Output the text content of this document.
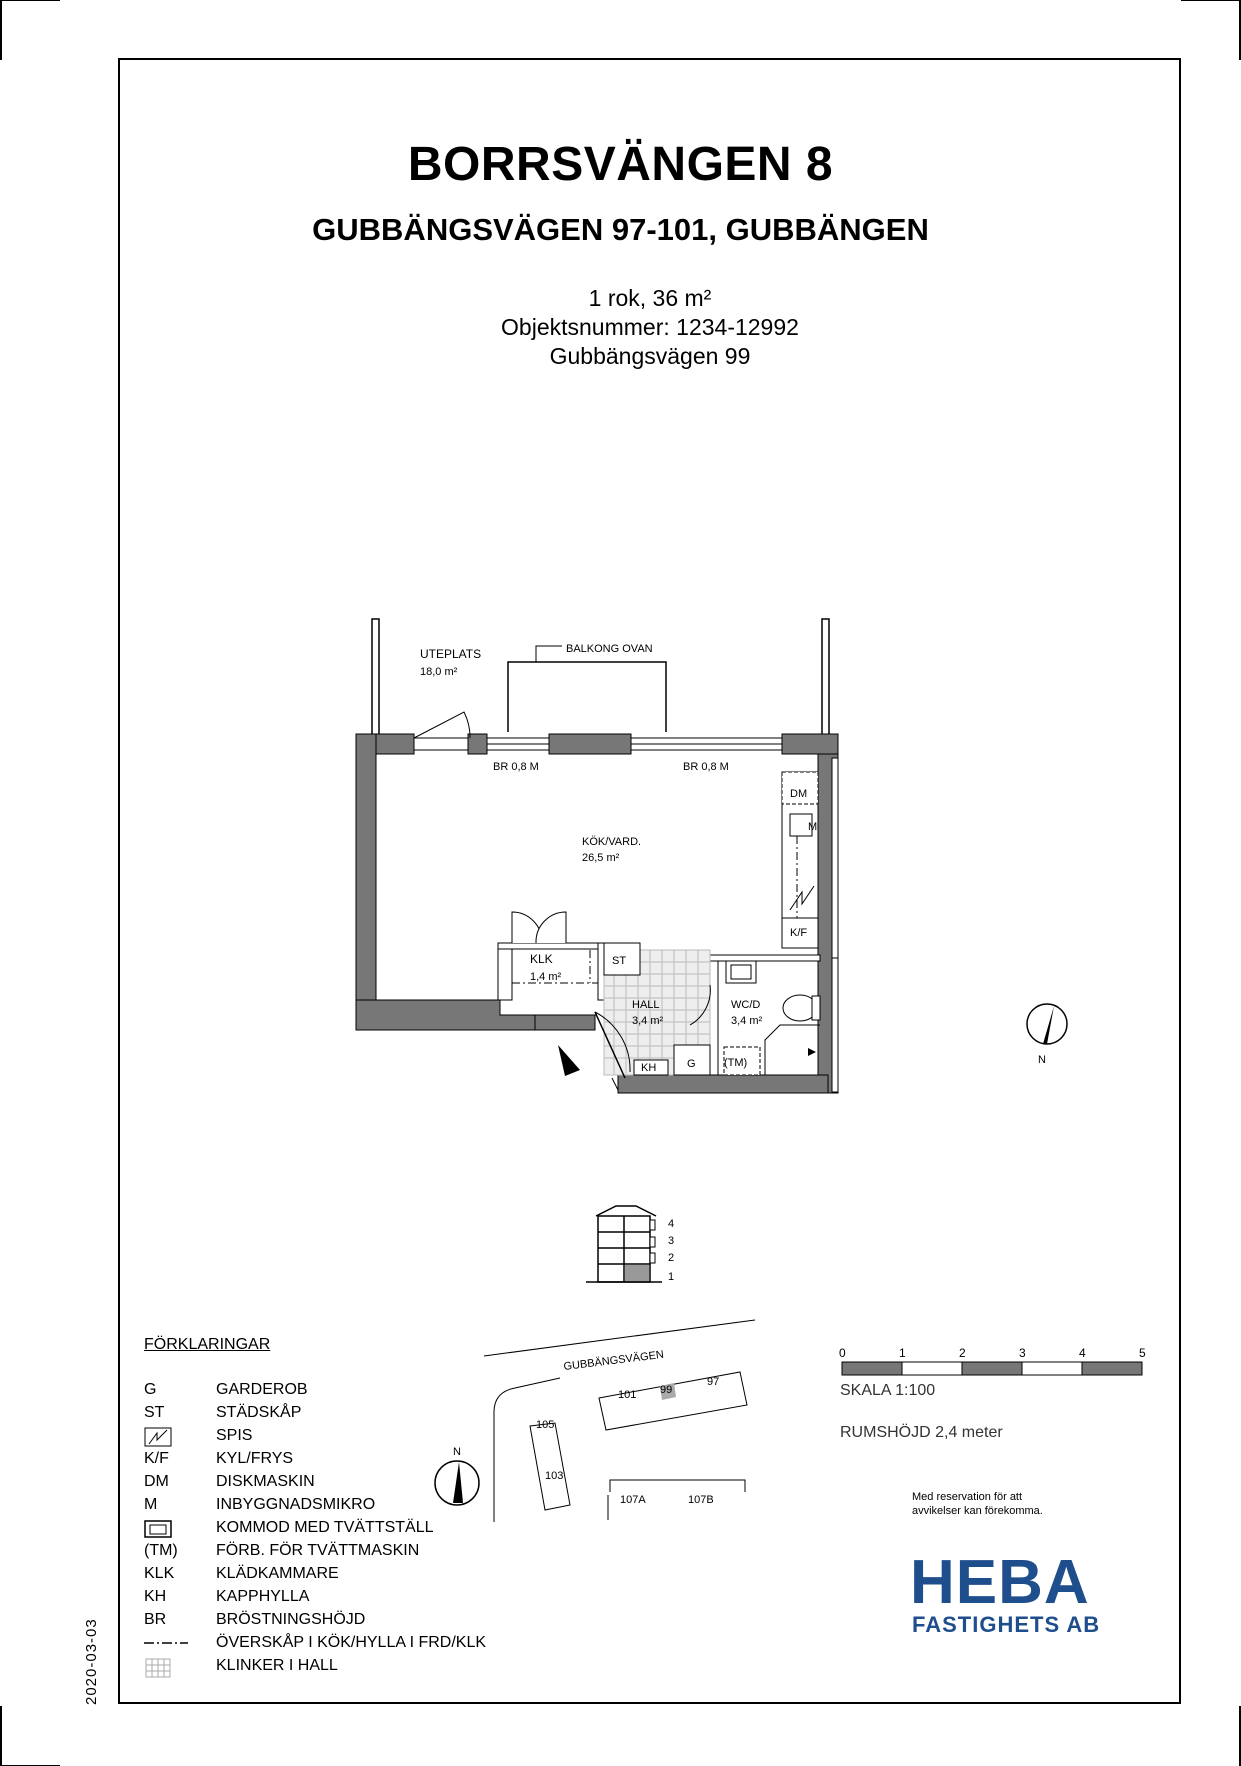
BORRSVÄNGEN 8
GUBBÄNGSVÄGEN 97-101, GUBBÄNGEN
1 rok, 36 m²
Objektsnummer: 1234-12992
Gubbängsvägen 99
2020-03-03
UTEPLATS
18,0 m²
BALKONG OVAN
BR 0,8 M	BR 0,8 M
DM
M
KÖK/VARD.
26,5 m²
K/F
KLK
1,4 m²
ST
HALL
3,4 m²
WC/D
3,4 m²
KH	G	(TM)	N
4
3
2
1
GUBBÄNGSVÄGEN
N
101 99
97
105
103
107A	107B
FÖRKLARINGAR
G	GARDEROB
ST	STÄDSKÅP
SPIS
K/F	KYL/FRYS
DM	DISKMASKIN
M	INBYGGNADSMIKRO
KOMMOD MED TVÄTTSTÄLL
(TM) FÖRB. FÖR TVÄTTMASKIN
KLK	KLÄDKAMMARE
KH	KAPPHYLLA
BR	BRÖSTNINGSHÖJD
ÖVERSKÅP I KÖK/HYLLA I FRD/KLK
KLINKER I HALL
0	1	2	3	4	5
SKALA 1:100
RUMSHÖJD 2,4 meter
Med reservation för att
avvikelser kan förekomma.
HEBA
FASTIGHETS AB
